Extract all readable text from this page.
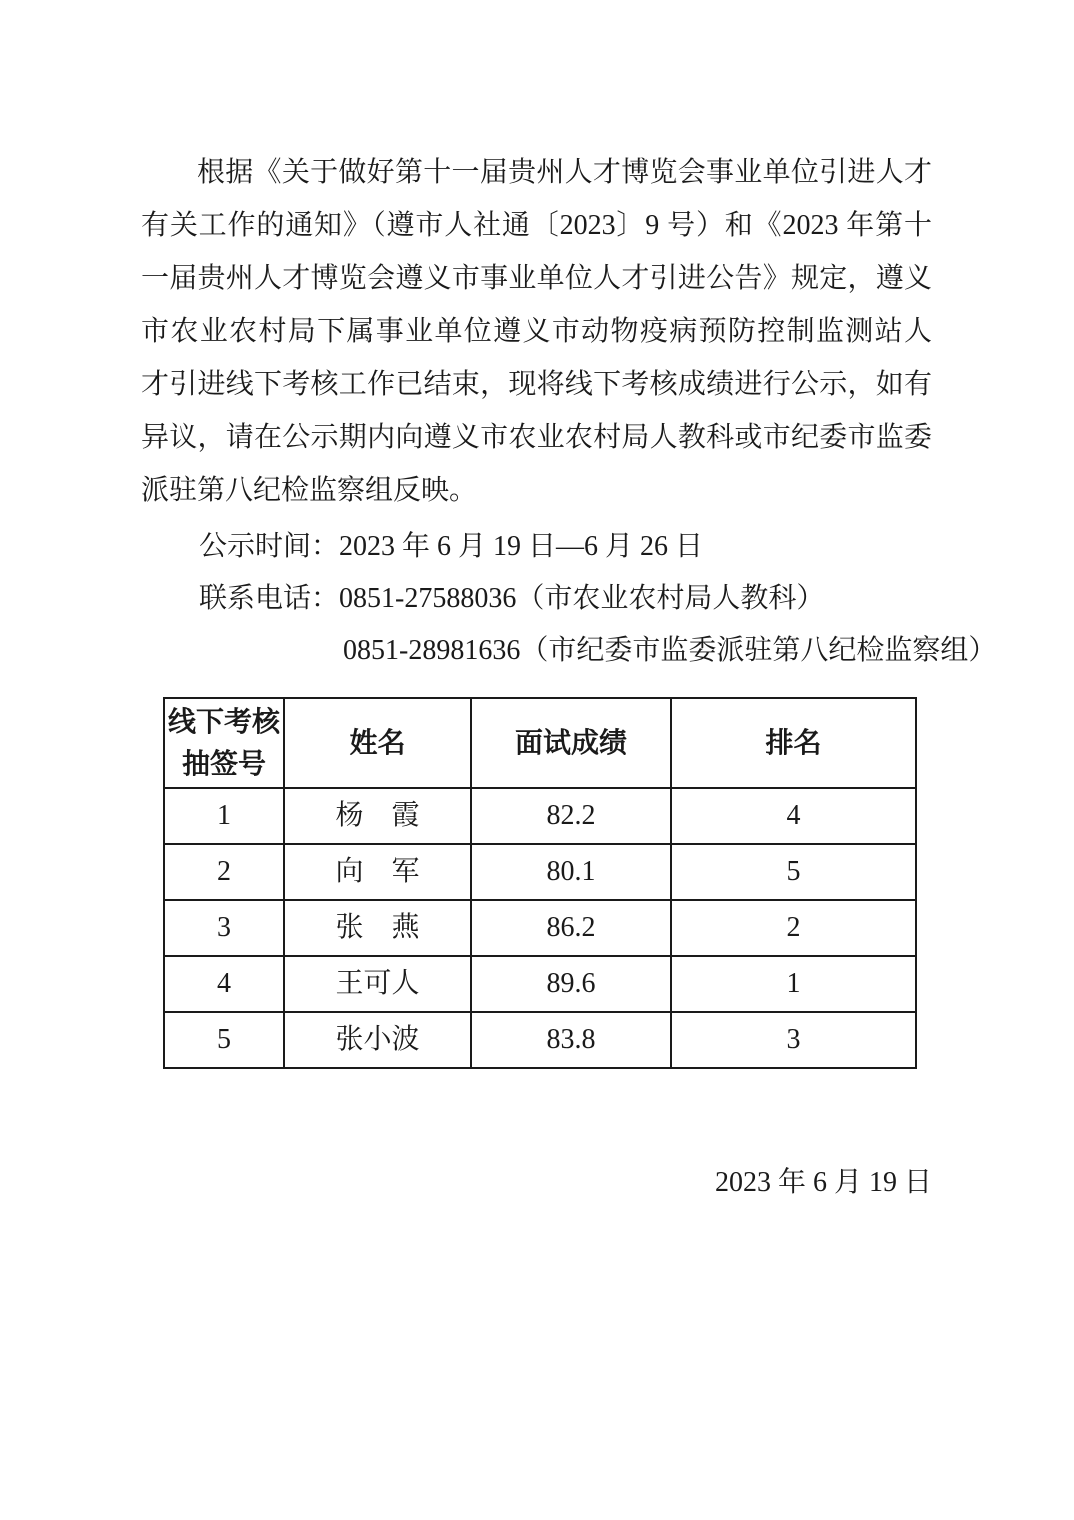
根据《关于做好第十一届贵州人才博览会事业单位引进人才
有关工作的通知》（遵市人社通〔2023〕9 号）和《2023 年第十
一届贵州人才博览会遵义市事业单位人才引进公告》规定，遵义
市农业农村局下属事业单位遵义市动物疫病预防控制监测站人
才引进线下考核工作已结束，现将线下考核成绩进行公示，如有
异议，请在公示期内向遵义市农业农村局人教科或市纪委市监委
派驻第八纪检监察组反映。
公示时间：2023 年 6 月 19 日—6 月 26 日
联系电话：0851-27588036（市农业农村局人教科）
0851-28981636（市纪委市监委派驻第八纪检监察组）
线下考核抽签号	姓名	面试成绩	排名
1	杨　霞	82.2	4
2	向　军	80.1	5
3	张　燕	86.2	2
4	王可人	89.6	1
5	张小波	83.8	3
2023 年 6 月 19 日
